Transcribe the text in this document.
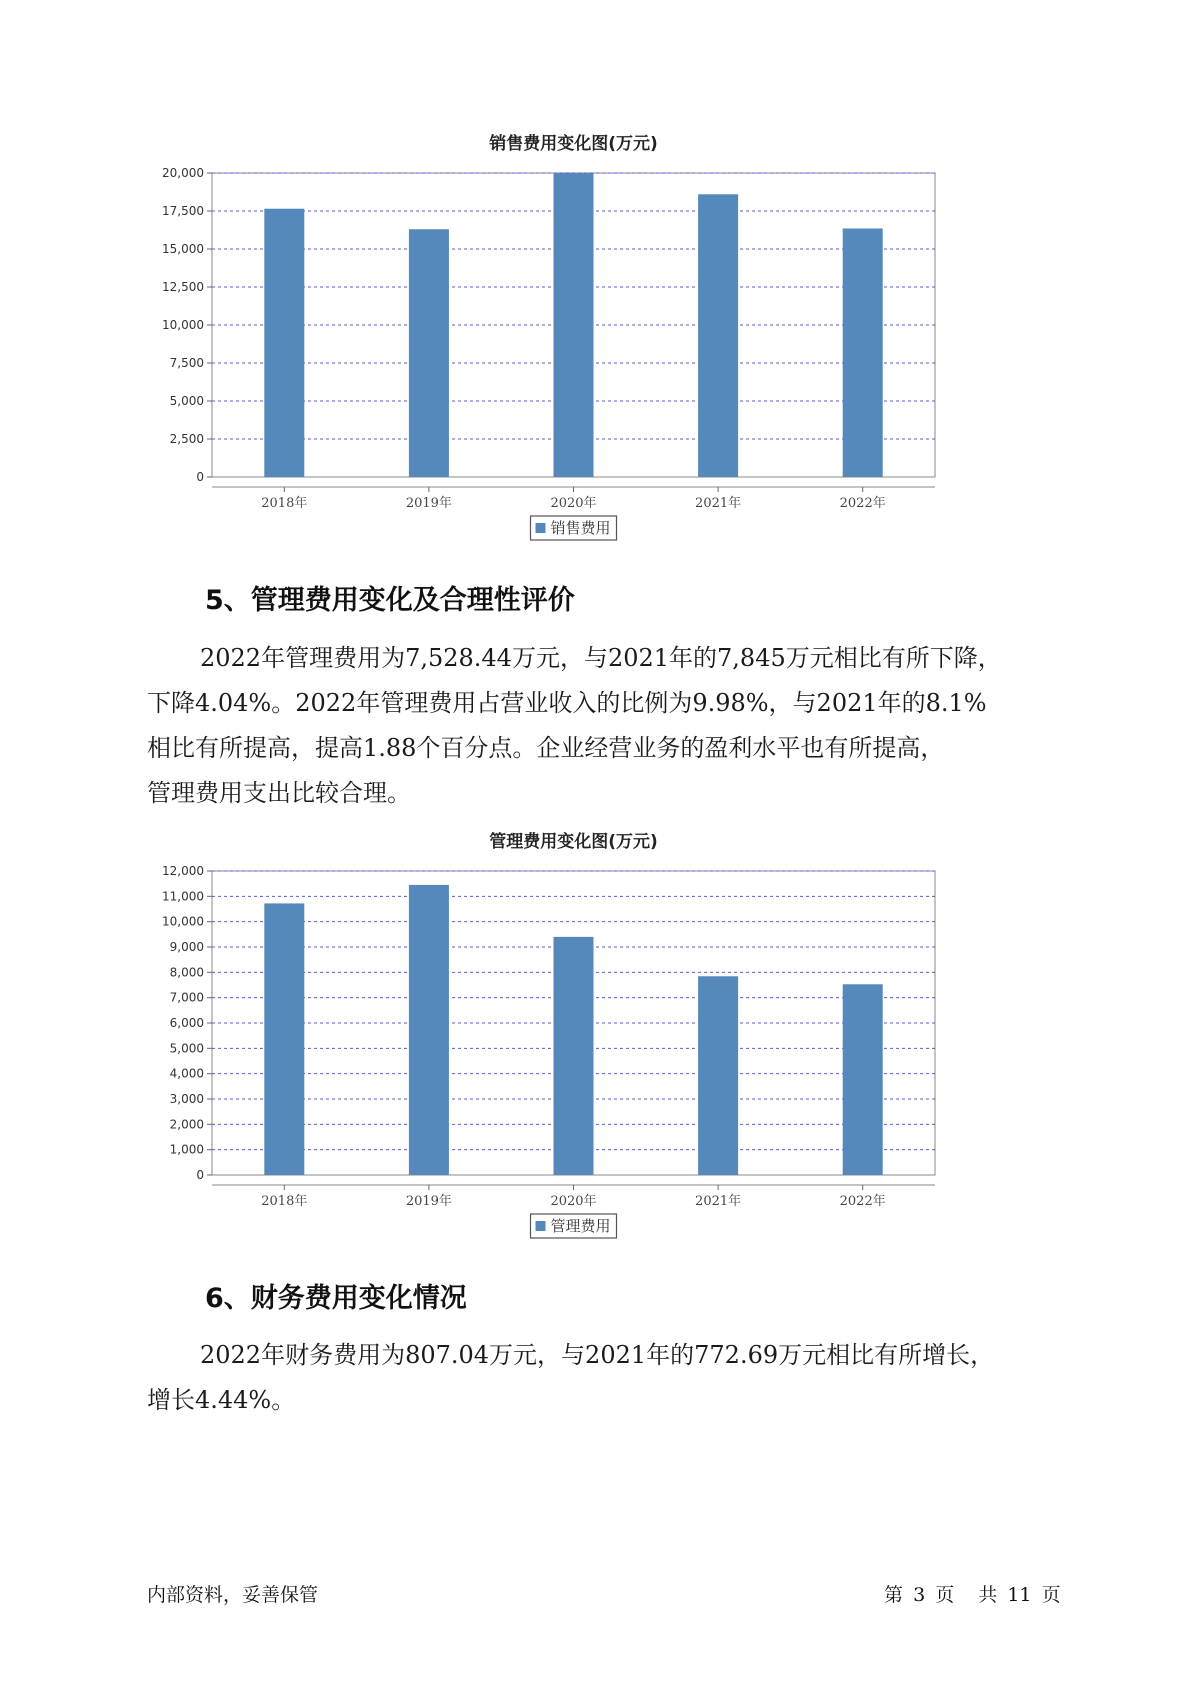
销售费用变化图(万元)
0
2,500
5,000
7,500
10,000
12,500
15,000
17,500
20,000
2018年	2019年	2020年	2021年	2022年
销售费用
5、管理费用变化及合理性评价
2022年管理费用为7,528.44万元，与2021年的7,845万元相比有所下降，
下降4.04%。2022年管理费用占营业收入的比例为9.98%，与2021年的8.1%
相比有所提高，提高1.88个百分点。企业经营业务的盈利水平也有所提高，
管理费用支出比较合理。
管理费用变化图(万元)
0
1,000
2,000
3,000
4,000
5,000
6,000
7,000
8,000
9,000
10,000
11,000
12,000
2018年	2019年	2020年	2021年	2022年
管理费用
6、财务费用变化情况
2022年财务费用为807.04万元，与2021年的772.69万元相比有所增长，
增长4.44%。
内部资料，妥善保管	第 3 页 共 11 页
